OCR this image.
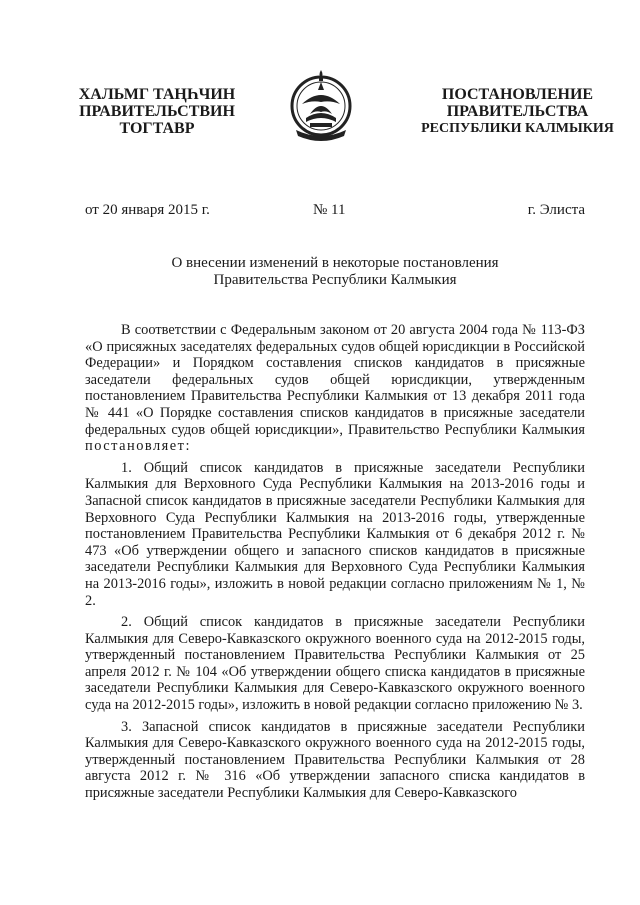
ХАЛЬМГ ТАҢҺЧИН
ПРАВИТЕЛЬСТВИН
ТОГТАВР
ПОСТАНОВЛЕНИЕ
ПРАВИТЕЛЬСТВА
РЕСПУБЛИКИ КАЛМЫКИЯ
от 20 января 2015 г.	№ 11	г. Элиста
О внесении изменений в некоторые постановления
Правительства Республики Калмыкия

В соответствии с Федеральным законом от 20 августа 2004 года № 113-ФЗ «О присяжных заседателях федеральных судов общей юрисдикции в Российской Федерации» и Порядком составления списков кандидатов в присяжные заседатели федеральных судов общей юрисдикции, утвержденным постановлением Правительства Республики Калмыкия от 13 декабря 2011 года № 441 «О Порядке составления списков кандидатов в присяжные заседатели федеральных судов общей юрисдикции», Правительство Республики Калмыкия постановляет:

1. Общий список кандидатов в присяжные заседатели Республики Калмыкия для Верховного Суда Республики Калмыкия на 2013-2016 годы и Запасной список кандидатов в присяжные заседатели Республики Калмыкия для Верховного Суда Республики Калмыкия на 2013-2016 годы, утвержденные постановлением Правительства Республики Калмыкия от 6 декабря 2012 г. № 473 «Об утверждении общего и запасного списков кандидатов в присяжные заседатели Республики Калмыкия для Верховного Суда Республики Калмыкия на 2013-2016 годы», изложить в новой редакции согласно приложениям № 1, № 2.

2. Общий список кандидатов в присяжные заседатели Республики Калмыкия для Северо-Кавказского окружного военного суда на 2012-2015 годы, утвержденный постановлением Правительства Республики Калмыкия от 25 апреля 2012 г. № 104 «Об утверждении общего списка кандидатов в присяжные заседатели Республики Калмыкия для Северо-Кавказского окружного военного суда на 2012-2015 годы», изложить в новой редакции согласно приложению № 3.

3. Запасной список кандидатов в присяжные заседатели Республики Калмыкия для Северо-Кавказского окружного военного суда на 2012-2015 годы, утвержденный постановлением Правительства Республики Калмыкия от 28 августа 2012 г. № 316 «Об утверждении запасного списка кандидатов в присяжные заседатели Республики Калмыкия для Северо-Кавказского
